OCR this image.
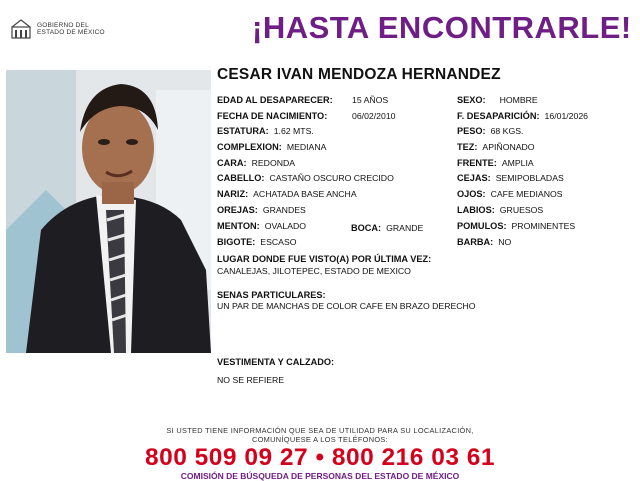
GOBIERNO DEL
ESTADO DE MÉXICO	¡HASTA ENCONTRARLE!
CESAR IVAN MENDOZA HERNANDEZ
EDAD AL DESAPARECER: 15 AÑOS
FECHA DE NACIMIENTO:	06/02/2010
ESTATURA: 1.62 MTS.
COMPLEXION: MEDIANA
CARA: REDONDA
CABELLO: CASTAÑO OSCURO CRECIDO
NARIZ: ACHATADA BASE ANCHA
OREJAS: GRANDES
MENTON: OVALADO
BIGOTE: ESCASO
BOCA: GRANDE
SEXO: HOMBRE
F. DESAPARICIÓN: 16/01/2026
PESO: 68 KGS.
TEZ: APIÑONADO
FRENTE: AMPLIA
CEJAS: SEMIPOBLADAS
OJOS: CAFE MEDIANOS
LABIOS: GRUESOS
POMULOS: PROMINENTES
BARBA: NO
LUGAR DONDE FUE VISTO(A) POR ÚLTIMA VEZ:
CANALEJAS, JILOTEPEC, ESTADO DE MEXICO
SENAS PARTICULARES:
UN PAR DE MANCHAS DE COLOR CAFE EN BRAZO DERECHO
VESTIMENTA Y CALZADO:
NO SE REFIERE
SI USTED TIENE INFORMACIÓN QUE SEA DE UTILIDAD PARA SU LOCALIZACIÓN,
COMUNÍQUESE A LOS TELÉFONOS:
800 509 09 27 • 800 216 03 61
COMISIÓN DE BÚSQUEDA DE PERSONAS DEL ESTADO DE MÉXICO
